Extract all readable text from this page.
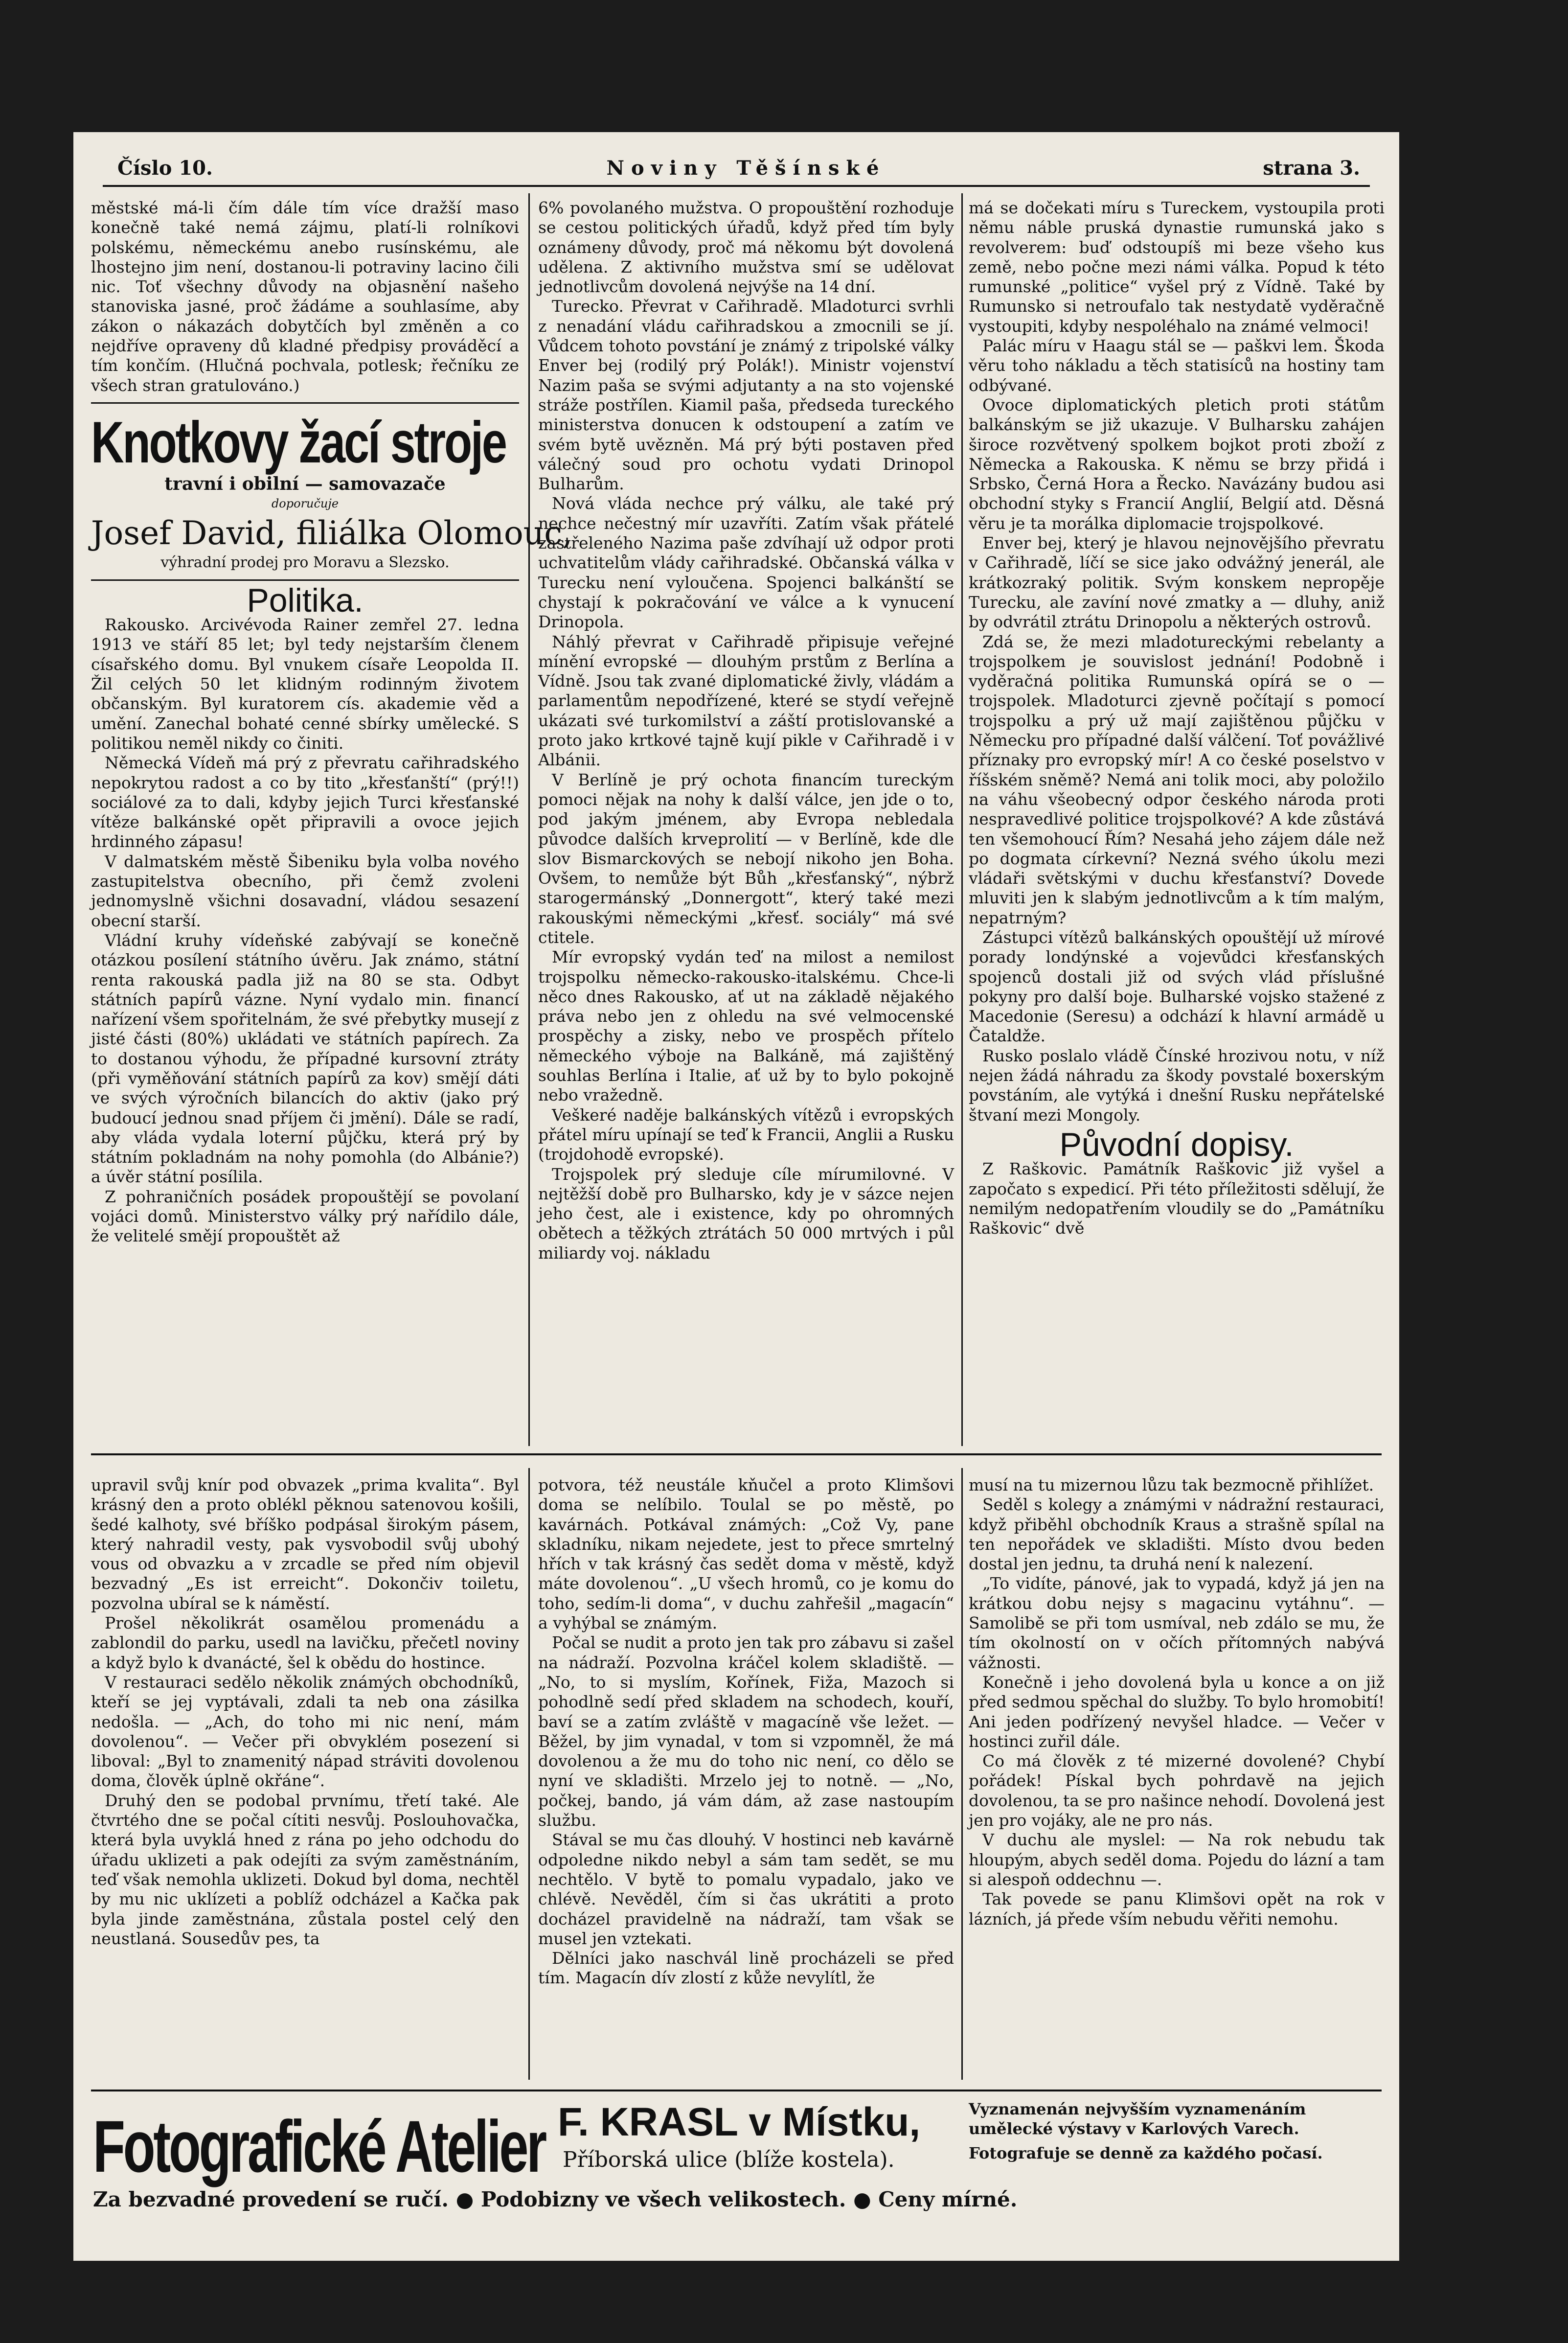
Číslo 10.	Noviny Těšínské	strana 3.

městské má-li čím dále tím více dražší maso konečně také nemá zájmu, platí-li rolníkovi polskému, německému anebo rusínskému, ale lhostejno jim není, dostanou-li potraviny lacino čili nic. Toť všechny důvody na objasnění našeho stanoviska jasné, proč žádáme a souhlasíme, aby zákon o nákazách dobytčích byl změněn a co nejdříve opraveny dů kladné předpisy prováděcí a tím končím. (Hlučná pochvala, potlesk; řečníku ze všech stran gratulováno.)

Knotkovy žací stroje
travní i obilní — samovazače
doporučuje
Josef David, filiálka Olomouc,
výhradní prodej pro Moravu a Slezsko.
Politika.

Rakousko. Arcivévoda Rainer zemřel 27. ledna 1913 ve stáří 85 let; byl tedy nejstarším členem císařského domu. Byl vnukem císaře Leopolda II. Žil celých 50 let klidným rodinným životem občanským. Byl kuratorem cís. akademie věd a umění. Zanechal bohaté cenné sbírky umělecké. S politikou neměl nikdy co činiti.

Německá Vídeň má prý z převratu cařihradského nepokrytou radost a co by tito „křesťanští“ (prý!!) sociálové za to dali, kdyby jejich Turci křesťanské vítěze balkánské opět připravili a ovoce jejich hrdinného zápasu!

V dalmatském městě Šibeniku byla volba nového zastupitelstva obecního, při čemž zvoleni jednomyslně všichni dosavadní, vládou sesazení obecní starší.

Vládní kruhy vídeňské zabývají se konečně otázkou posílení státního úvěru. Jak známo, státní renta rakouská padla již na 80 se sta. Odbyt státních papírů vázne. Nyní vydalo min. financí nařízení všem spořitelnám, že své přebytky musejí z jisté části (80%) ukládati ve státních papírech. Za to dostanou výhodu, že případné kursovní ztráty (při vyměňování státních papírů za kov) smějí dáti ve svých výročních bilancích do aktiv (jako prý budoucí jednou snad příjem či jmění). Dále se radí, aby vláda vydala loterní půjčku, která prý by státním pokladnám na nohy pomohla (do Albánie?) a úvěr státní posílila.

Z pohraničních posádek propouštějí se povolaní vojáci domů. Ministerstvo války prý nařídilo dále, že velitelé smějí propouštět až

6% povolaného mužstva. O propouštění rozhoduje se cestou politických úřadů, když před tím byly oznámeny důvody, proč má někomu být dovolená udělena. Z aktivního mužstva smí se udělovat jednotlivcům dovolená nejvýše na 14 dní.

Turecko. Převrat v Cařihradě. Mladoturci svrhli z nenadání vládu cařihradskou a zmocnili se jí. Vůdcem tohoto povstání je známý z tripolské války Enver bej (rodilý prý Polák!). Ministr vojenství Nazim paša se svými adjutanty a na sto vojenské stráže postřílen. Kiamil paša, předseda tureckého ministerstva donucen k odstoupení a zatím ve svém bytě uvězněn. Má prý býti postaven před válečný soud pro ochotu vydati Drinopol Bulharům.

Nová vláda nechce prý válku, ale také prý nechce nečestný mír uzavříti. Zatím však přátelé zastřeleného Nazima paše zdvíhají už odpor proti uchvatitelům vlády cařihradské. Občanská válka v Turecku není vyloučena. Spojenci balkánští se chystají k pokračování ve válce a k vynucení Drinopola.

Náhlý převrat v Cařihradě připisuje veřejné mínění evropské — dlouhým prstům z Berlína a Vídně. Jsou tak zvané diplomatické živly, vládám a parlamentům nepodřízené, které se stydí veřejně ukázati své turkomilství a záští protislovanské a proto jako krtkové tajně kují pikle v Cařihradě i v Albánii.

V Berlíně je prý ochota financím tureckým pomoci nějak na nohy k další válce, jen jde o to, pod jakým jménem, aby Evropa nebledala původce dalších krveprolití — v Berlíně, kde dle slov Bismarckových se nebojí nikoho jen Boha. Ovšem, to nemůže být Bůh „křesťanský“, nýbrž starogermánský „Donnergott“, který také mezi rakouskými německými „křesť. sociály“ má své ctitele.

Mír evropský vydán teď na milost a nemilost trojspolku německo-rakousko-italskému. Chce-li něco dnes Rakousko, ať ut na základě nějakého práva nebo jen z ohledu na své velmocenské prospěchy a zisky, nebo ve prospěch přítelo německého výboje na Balkáně, má zajištěný souhlas Berlína i Italie, ať už by to bylo pokojně nebo vražedně.

Veškeré naděje balkánských vítězů i evropských přátel míru upínají se teď k Francii, Anglii a Rusku (trojdohodě evropské).

Trojspolek prý sleduje cíle mírumilovné. V nejtěžší době pro Bulharsko, kdy je v sázce nejen jeho čest, ale i existence, kdy po ohromných obětech a těžkých ztrátách 50 000 mrtvých i půl miliardy voj. nákladu

má se dočekati míru s Tureckem, vystoupila proti němu náble pruská dynastie rumunská jako s revolverem: buď odstoupíš mi beze všeho kus země, nebo počne mezi námi válka. Popud k této rumunské „politice“ vyšel prý z Vídně. Také by Rumunsko si netroufalo tak nestydatě vyděračně vystoupiti, kdyby nespoléhalo na známé velmoci!

Palác míru v Haagu stál se — paškvi lem. Škoda věru toho nákladu a těch statisíců na hostiny tam odbývané.

Ovoce diplomatických pletich proti státům balkánským se již ukazuje. V Bulharsku zahájen široce rozvětvený spolkem bojkot proti zboží z Německa a Rakouska. K němu se brzy přidá i Srbsko, Černá Hora a Řecko. Navázány budou asi obchodní styky s Francií Anglií, Belgií atd. Děsná věru je ta morálka diplomacie trojspolkové.

Enver bej, který je hlavou nejnovějšího převratu v Cařihradě, líčí se sice jako odvážný jenerál, ale krátkozraký politik. Svým konskem nepropěje Turecku, ale zavíní nové zmatky a — dluhy, aniž by odvrátil ztrátu Drinopolu a některých ostrovů.

Zdá se, že mezi mladotureckými rebelanty a trojspolkem je souvislost jednání! Podobně i vyděračná politika Rumunská opírá se o — trojspolek. Mladoturci zjevně počítají s pomocí trojspolku a prý už mají zajištěnou půjčku v Německu pro případné další válčení. Toť povážlivé příznaky pro evropský mír! A co české poselstvo v říšském sněmě? Nemá ani tolik moci, aby položilo na váhu všeobecný odpor českého národa proti nespravedlivé politice trojspolkové? A kde zůstává ten všemohoucí Řím? Nesahá jeho zájem dále než po dogmata církevní? Nezná svého úkolu mezi vládaři světskými v duchu křesťanství? Dovede mluviti jen k slabým jednotlivcům a k tím malým, nepatrným?

Zástupci vítězů balkánských opouštějí už mírové porady londýnské a vojevůdci křesťanských spojenců dostali již od svých vlád příslušné pokyny pro další boje. Bulharské vojsko stažené z Macedonie (Seresu) a odchází k hlavní armádě u Čataldže.

Rusko poslalo vládě Čínské hrozivou notu, v níž nejen žádá náhradu za škody povstalé boxerským povstáním, ale vytýká i dnešní Rusku nepřátelské štvaní mezi Mongoly.

Původní dopisy.

Z Raškovic. Památník Raškovic již vyšel a započato s expedicí. Při této příležitosti sdělují, že nemilým nedopatřením vloudily se do „Památníku Raškovic“ dvě

upravil svůj knír pod obvazek „prima kvalita“. Byl krásný den a proto oblékl pěknou satenovou košili, šedé kalhoty, své bříško podpásal širokým pásem, který nahradil vesty, pak vysvobodil svůj ubohý vous od obvazku a v zrcadle se před ním objevil bezvadný „Es ist erreicht“. Dokončiv toiletu, pozvolna ubíral se k náměstí.

Prošel několikrát osamělou promenádu a zablondil do parku, usedl na lavičku, přečetl noviny a když bylo k dvanácté, šel k obědu do hostince.

V restauraci sedělo několik známých obchodníků, kteří se jej vyptávali, zdali ta neb ona zásilka nedošla. — „Ach, do toho mi nic není, mám dovolenou“. — Večer při obvyklém posezení si liboval: „Byl to znamenitý nápad stráviti dovolenou doma, člověk úplně okřáne“.

Druhý den se podobal prvnímu, třetí také. Ale čtvrtého dne se počal cítiti nesvůj. Poslouhovačka, která byla uvyklá hned z rána po jeho odchodu do úřadu uklizeti a pak odejíti za svým zaměstnáním, teď však nemohla uklizeti. Dokud byl doma, nechtěl by mu nic uklízeti a poblíž odcházel a Kačka pak byla jinde zaměstnána, zůstala postel celý den neustlaná. Sousedův pes, ta

potvora, též neustále kňučel a proto Klimšovi doma se nelíbilo. Toulal se po městě, po kavárnách. Potkával známých: „Což Vy, pane skladníku, nikam nejedete, jest to přece smrtelný hřích v tak krásný čas sedět doma v městě, když máte dovolenou“. „U všech hromů, co je komu do toho, sedím-li doma“, v duchu zahřešil „magacín“ a vyhýbal se známým.

Počal se nudit a proto jen tak pro zábavu si zašel na nádraží. Pozvolna kráčel kolem skladiště. — „No, to si myslím, Kořínek, Fiža, Mazoch si pohodlně sedí před skladem na schodech, kouří, baví se a zatím zvláště v magacíně vše ležet. — Běžel, by jim vynadal, v tom si vzpomněl, že má dovolenou a že mu do toho nic není, co dělo se nyní ve skladišti. Mrzelo jej to notně. — „No, počkej, bando, já vám dám, až zase nastoupím službu.

Stával se mu čas dlouhý. V hostinci neb kavárně odpoledne nikdo nebyl a sám tam sedět, se mu nechtělo. V bytě to pomalu vypadalo, jako ve chlévě. Nevěděl, čím si čas ukrátiti a proto docházel pravidelně na nádraží, tam však se musel jen vztekati.

Dělníci jako naschvál lině procházeli se před tím. Magacín dív zlostí z kůže nevylítl, že

musí na tu mizernou lůzu tak bezmocně přihlížet.

Seděl s kolegy a známými v nádražní restauraci, když přiběhl obchodník Kraus a strašně spílal na ten nepořádek ve skladišti. Místo dvou beden dostal jen jednu, ta druhá není k nalezení.

„To vidíte, pánové, jak to vypadá, když já jen na krátkou dobu nejsy s magacinu vytáhnu“. — Samolibě se při tom usmíval, neb zdálo se mu, že tím okolností on v očích přítomných nabývá vážnosti.

Konečně i jeho dovolená byla u konce a on již před sedmou spěchal do služby. To bylo hromobití! Ani jeden podřízený nevyšel hladce. — Večer v hostinci zuřil dále.

Co má člověk z té mizerné dovolené? Chybí pořádek! Pískal bych pohrdavě na jejich dovolenou, ta se pro našince nehodí. Dovolená jest jen pro vojáky, ale ne pro nás.

V duchu ale myslel: — Na rok nebudu tak hloupým, abych seděl doma. Pojedu do lázní a tam si alespoň oddechnu —.

Tak povede se panu Klimšovi opět na rok v lázních, já přede vším nebudu věřiti nemohu.

Fotografické Atelier F. KRASL v Místku,
Příborská ulice (blíže kostela).
Vyznamenán nejvyšším vyznamenáním umělecké výstavy v Karlových Varech.
Fotografuje se denně za každého počasí.
Za bezvadné provedení se ručí. ● Podobizny ve všech velikostech. ● Ceny mírné.
